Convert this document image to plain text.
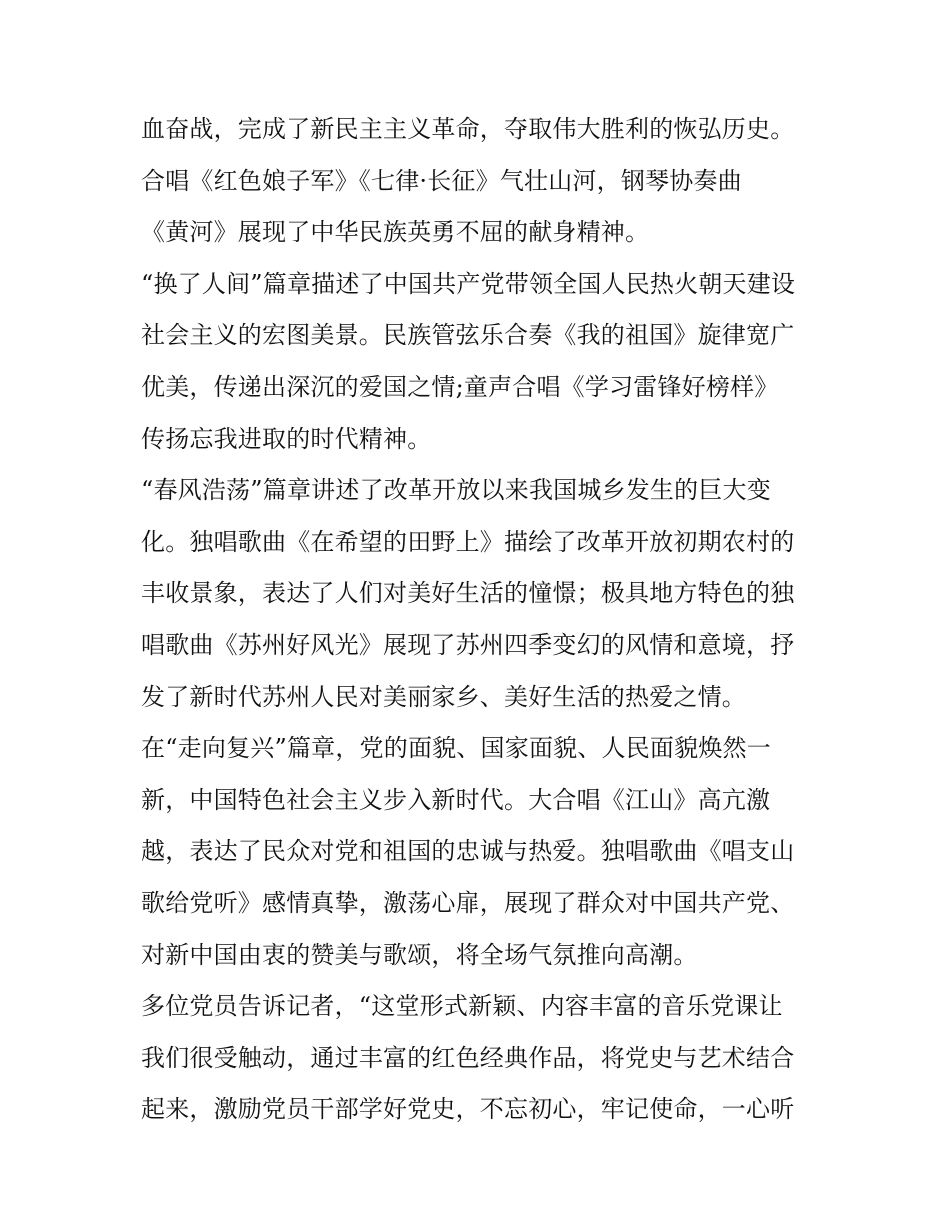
血奋战，完成了新民主主义革命，夺取伟大胜利的恢弘历史。
合唱《红色娘子军》《七律·长征》气壮山河，钢琴协奏曲
《黄河》展现了中华民族英勇不屈的献身精神。
“换了人间”篇章描述了中国共产党带领全国人民热火朝天建设
社会主义的宏图美景。民族管弦乐合奏《我的祖国》旋律宽广
优美，传递出深沉的爱国之情;童声合唱《学习雷锋好榜样》
传扬忘我进取的时代精神。
“春风浩荡”篇章讲述了改革开放以来我国城乡发生的巨大变
化。独唱歌曲《在希望的田野上》描绘了改革开放初期农村的
丰收景象，表达了人们对美好生活的憧憬；极具地方特色的独
唱歌曲《苏州好风光》展现了苏州四季变幻的风情和意境，抒
发了新时代苏州人民对美丽家乡、美好生活的热爱之情。
在“走向复兴”篇章，党的面貌、国家面貌、人民面貌焕然一
新，中国特色社会主义步入新时代。大合唱《江山》高亢激
越，表达了民众对党和祖国的忠诚与热爱。独唱歌曲《唱支山
歌给党听》感情真挚，激荡心扉，展现了群众对中国共产党、
对新中国由衷的赞美与歌颂，将全场气氛推向高潮。
多位党员告诉记者，“这堂形式新颖、内容丰富的音乐党课让
我们很受触动，通过丰富的红色经典作品，将党史与艺术结合
起来，激励党员干部学好党史，不忘初心，牢记使命，一心听
